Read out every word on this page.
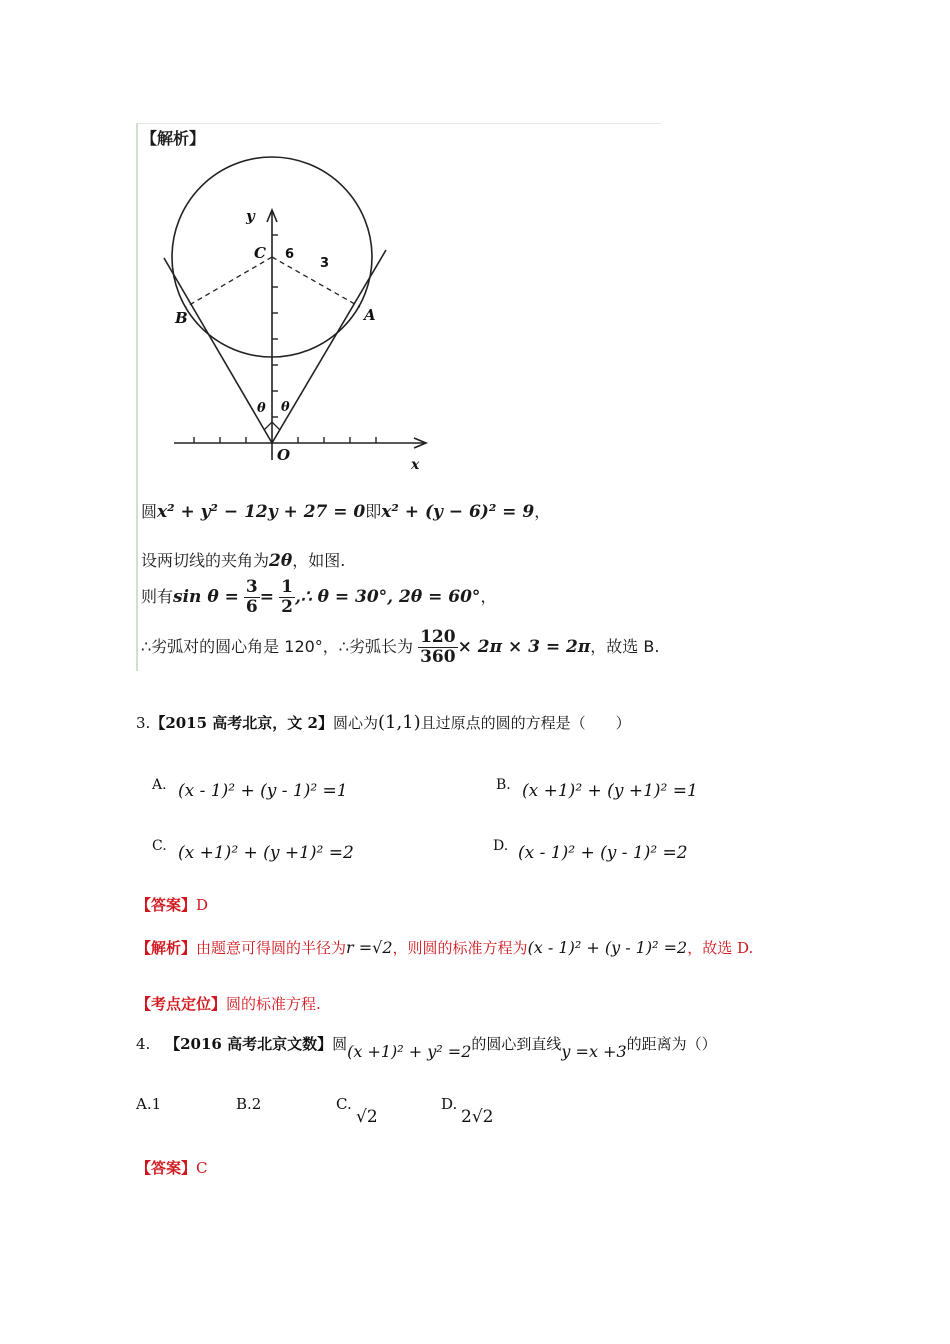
【解析】
y
x
O
C 6
3
A
B
θ θ
圆x² + y² − 12y + 27 = 0即x² + (y − 6)² = 9，
设两切线的夹角为2θ，如图.
则有$\sin \theta = \frac{3}{6} = \frac{1}{2}$ ,∴ θ = 30°, 2θ = 60°，
∴劣弧对的圆心角是 120°，∴劣弧长为 $\frac{120}{360} \times 2\pi \times 3 = 2\pi$，故选 B.
3.【2015 高考北京，文 2】圆心为(1,1)且过原点的圆的方程是（　　）
A. (x - 1)² + (y - 1)² =1	B. (x +1)² + (y +1)² =1
C. (x +1)² + (y +1)² =2	D. (x - 1)² + (y - 1)² =2
【答案】D
【解析】由题意可得圆的半径为r =√2，则圆的标准方程为(x - 1)² + (y - 1)² =2，故选 D.
【考点定位】圆的标准方程.
4. 【2016 高考北京文数】圆(x +1)² + y² =2的圆心到直线y =x +3的距离为（）
A.1	B.2	C.
√2
D.
2√2
【答案】C
